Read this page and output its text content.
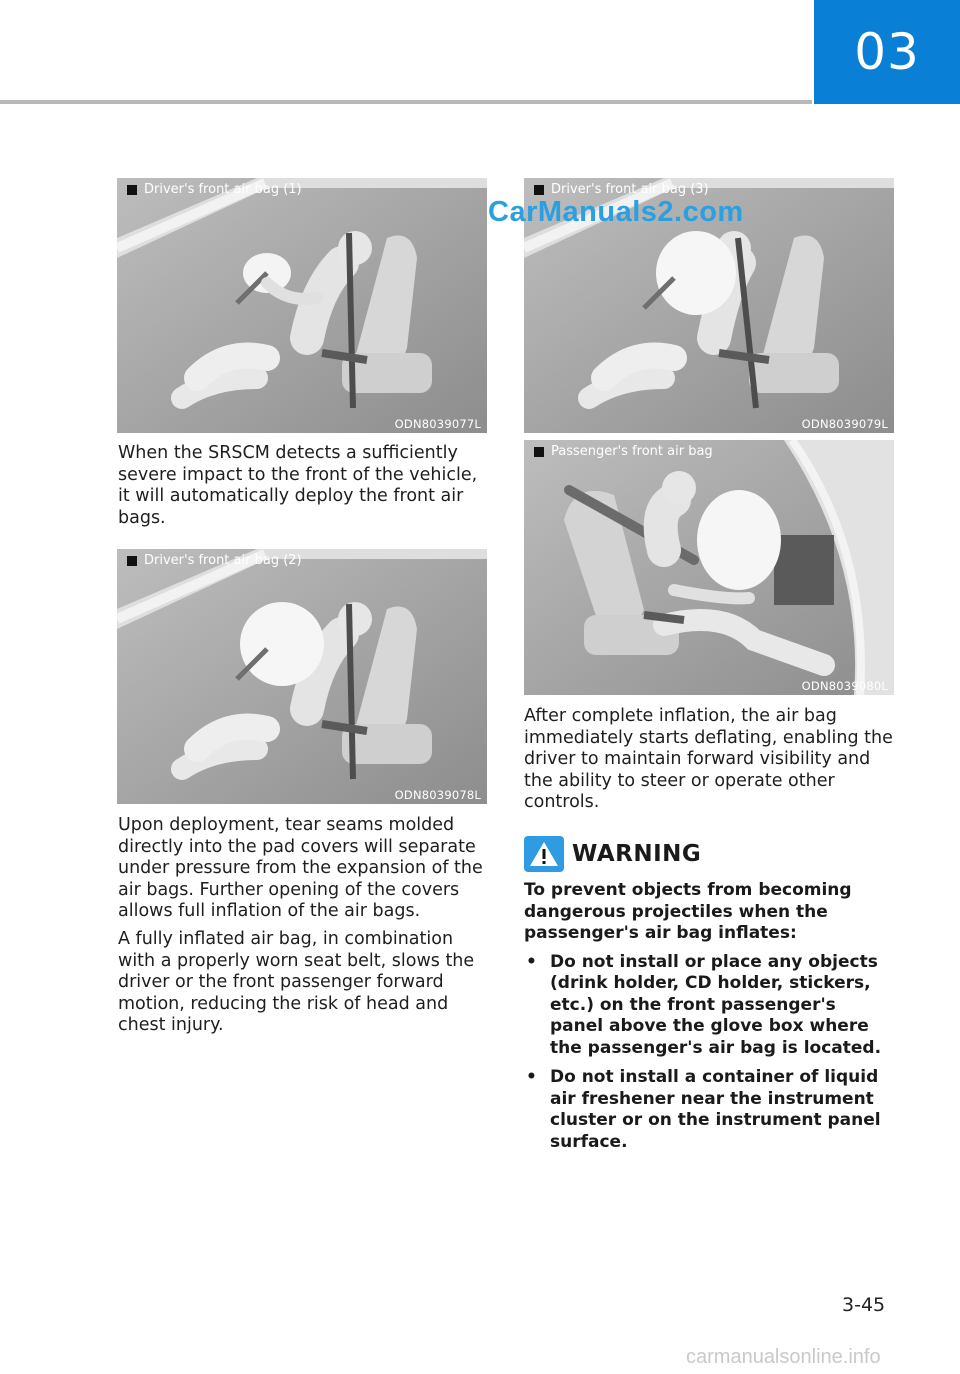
03
Driver's front air bag (1)
ODN8039077L

When the SRSCM detects a sufficiently severe impact to the front of the vehicle, it will automatically deploy the front air bags.

Driver's front air bag (2)
ODN8039078L

Upon deployment, tear seams molded directly into the pad covers will separate under pressure from the expansion of the air bags. Further opening of the covers allows full inflation of the air bags.

A fully inflated air bag, in combination with a properly worn seat belt, slows the driver or the front passenger forward motion, reducing the risk of head and chest injury.

Driver's front air bag (3)
ODN8039079L
CarManuals2.com
Passenger's front air bag
ODN8039080L

After complete inflation, the air bag immediately starts deflating, enabling the driver to maintain forward visibility and the ability to steer or operate other controls.

WARNING

To prevent objects from becoming dangerous projectiles when the passenger's air bag inflates:

• Do not install or place any objects (drink holder, CD holder, stickers, etc.) on the front passenger's panel above the glove box where the passenger's air bag is located.
• Do not install a container of liquid air freshener near the instrument cluster or on the instrument panel surface.
3-45
carmanualsonline.info
